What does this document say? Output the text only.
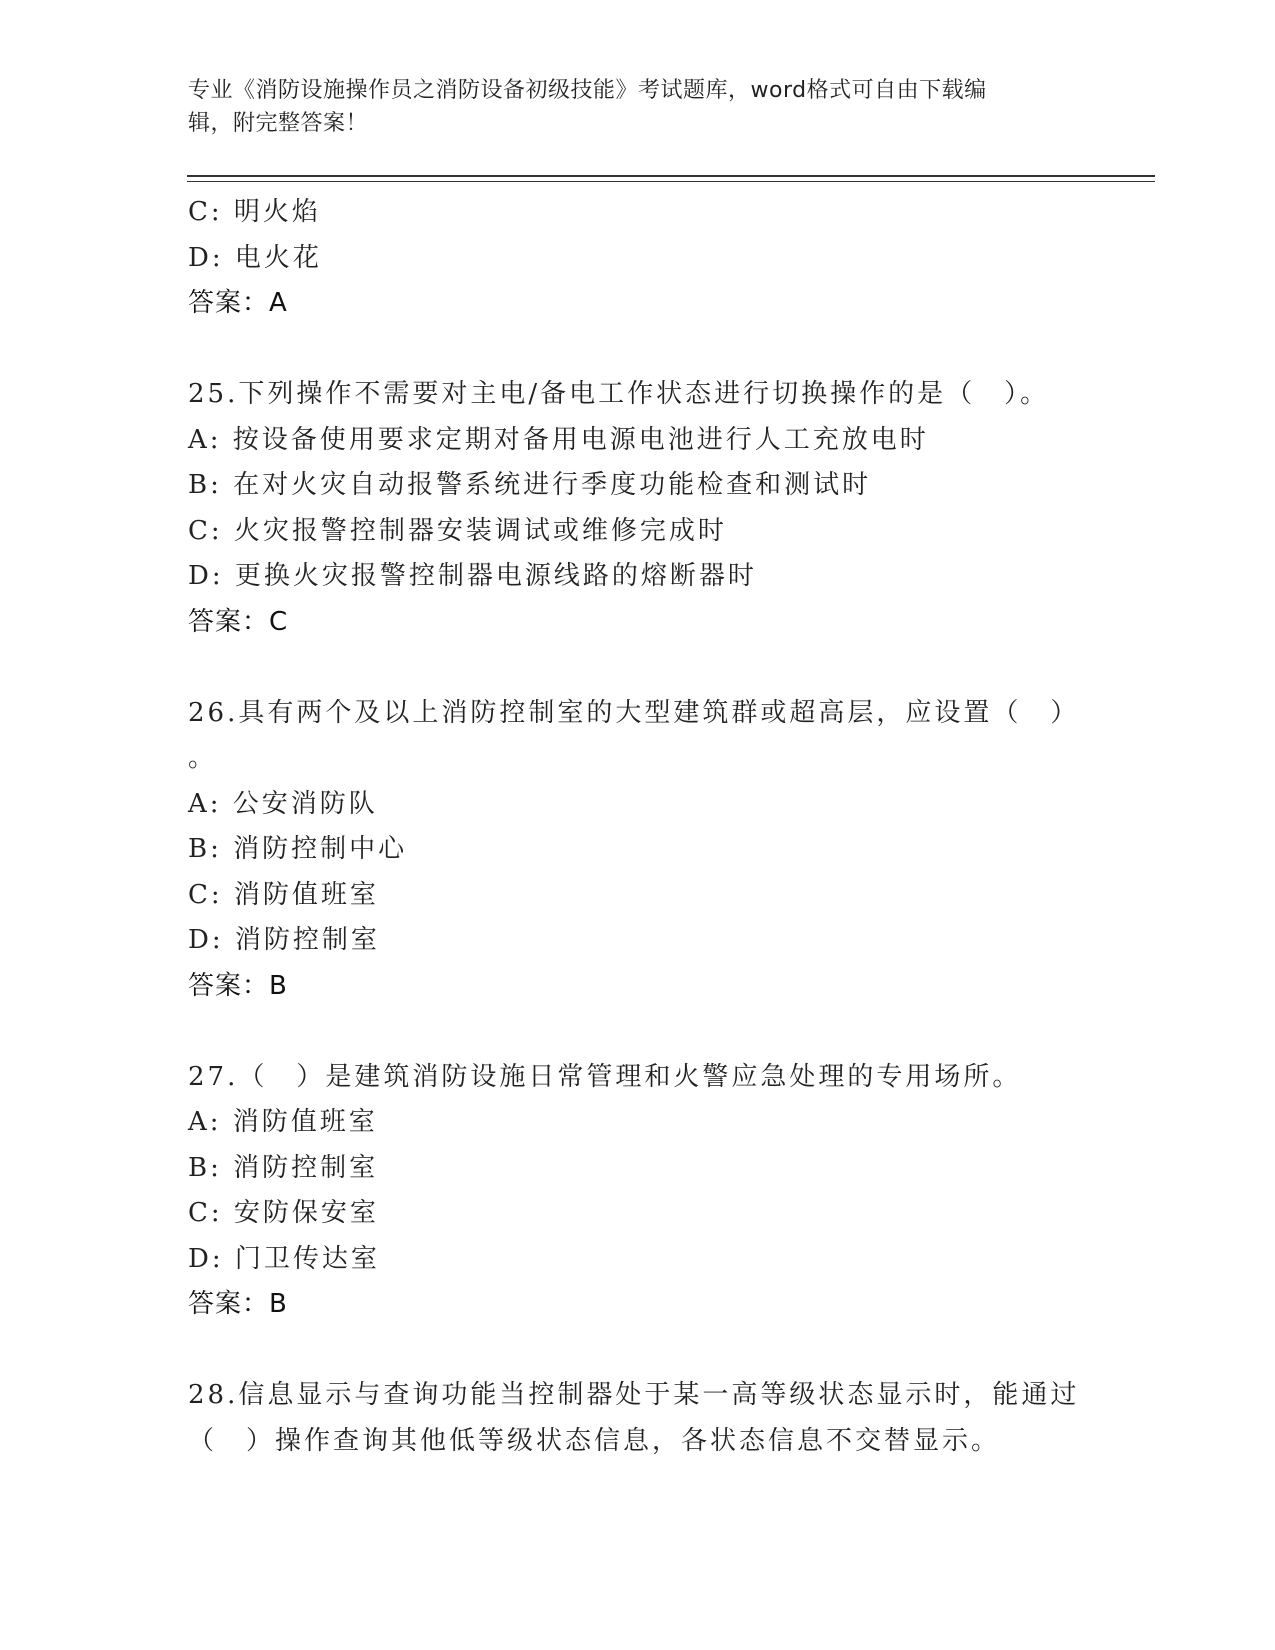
专业《消防设施操作员之消防设备初级技能》考试题库，word格式可自由下载编
辑，附完整答案！
C: 明火焰
D: 电火花
答案：A
25.下列操作不需要对主电/备电工作状态进行切换操作的是（　）。
A: 按设备使用要求定期对备用电源电池进行人工充放电时
B: 在对火灾自动报警系统进行季度功能检查和测试时
C: 火灾报警控制器安装调试或维修完成时
D: 更换火灾报警控制器电源线路的熔断器时
答案：C
26.具有两个及以上消防控制室的大型建筑群或超高层，应设置（　）
。
A: 公安消防队
B: 消防控制中心
C: 消防值班室
D: 消防控制室
答案：B
27.（　）是建筑消防设施日常管理和火警应急处理的专用场所。
A: 消防值班室
B: 消防控制室
C: 安防保安室
D: 门卫传达室
答案：B
28.信息显示与查询功能当控制器处于某一高等级状态显示时，能通过
（　）操作查询其他低等级状态信息，各状态信息不交替显示。
